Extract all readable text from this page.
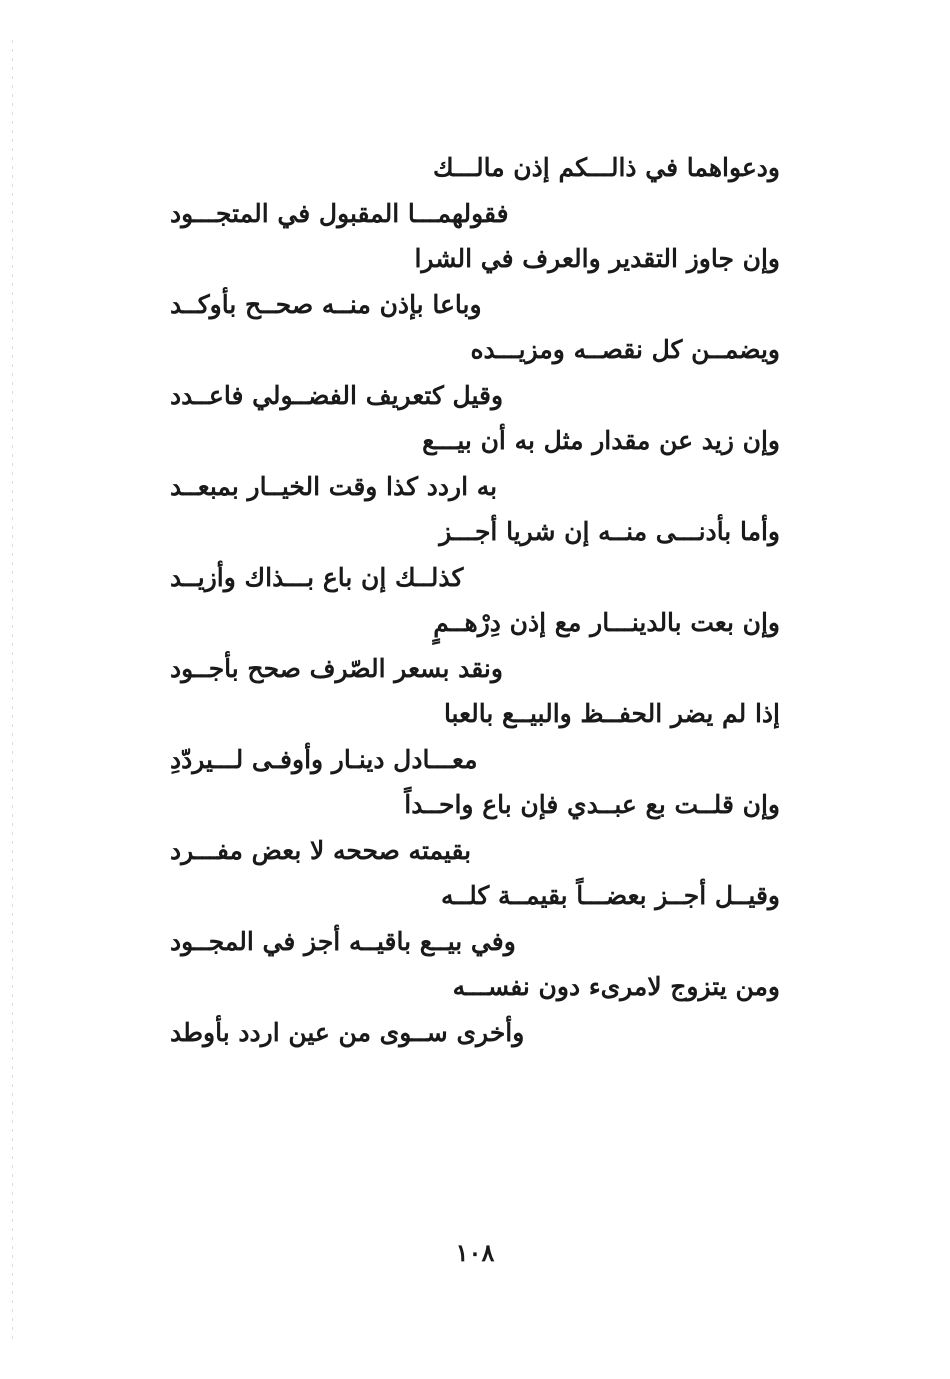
ودعواهما في ذالـــكم إذن مالـــك
فقولهمـــا المقبول في المتجـــود
وإن جاوز التقدير والعرف في الشرا
وباعا بإذن منــه صحــح بأوكــد
ويضمــن كل نقصــه ومزيـــده
وقيل كتعريف الفضــولي فاعــدد
وإن زيد عن مقدار مثل به أن بيـــع
به اردد كذا وقت الخيــار بمبعــد
وأما بأدنـــى منــه إن شريا أجـــز
كذلــك إن باع بـــذاك وأزيــد
وإن بعت بالدينـــار مع إذن دِرْهــمٍ
ونقد بسعر الصّرف صحح بأجــود
إذا لم يضر الحفــظ والبيــع بالعبا
معـــادل دينـار وأوفـى لـــيردّدِ
وإن قلــت بع عبــدي فإن باع واحــداً
بقيمته صححه لا بعض مفـــرد
وقيــل أجــز بعضـــاً بقيمــة كلــه
وفي بيــع باقيــه أجز في المجــود
ومن يتزوج لامرىء دون نفســـه
وأخرى ســوى من عين اردد بأوطد
١٠٨
